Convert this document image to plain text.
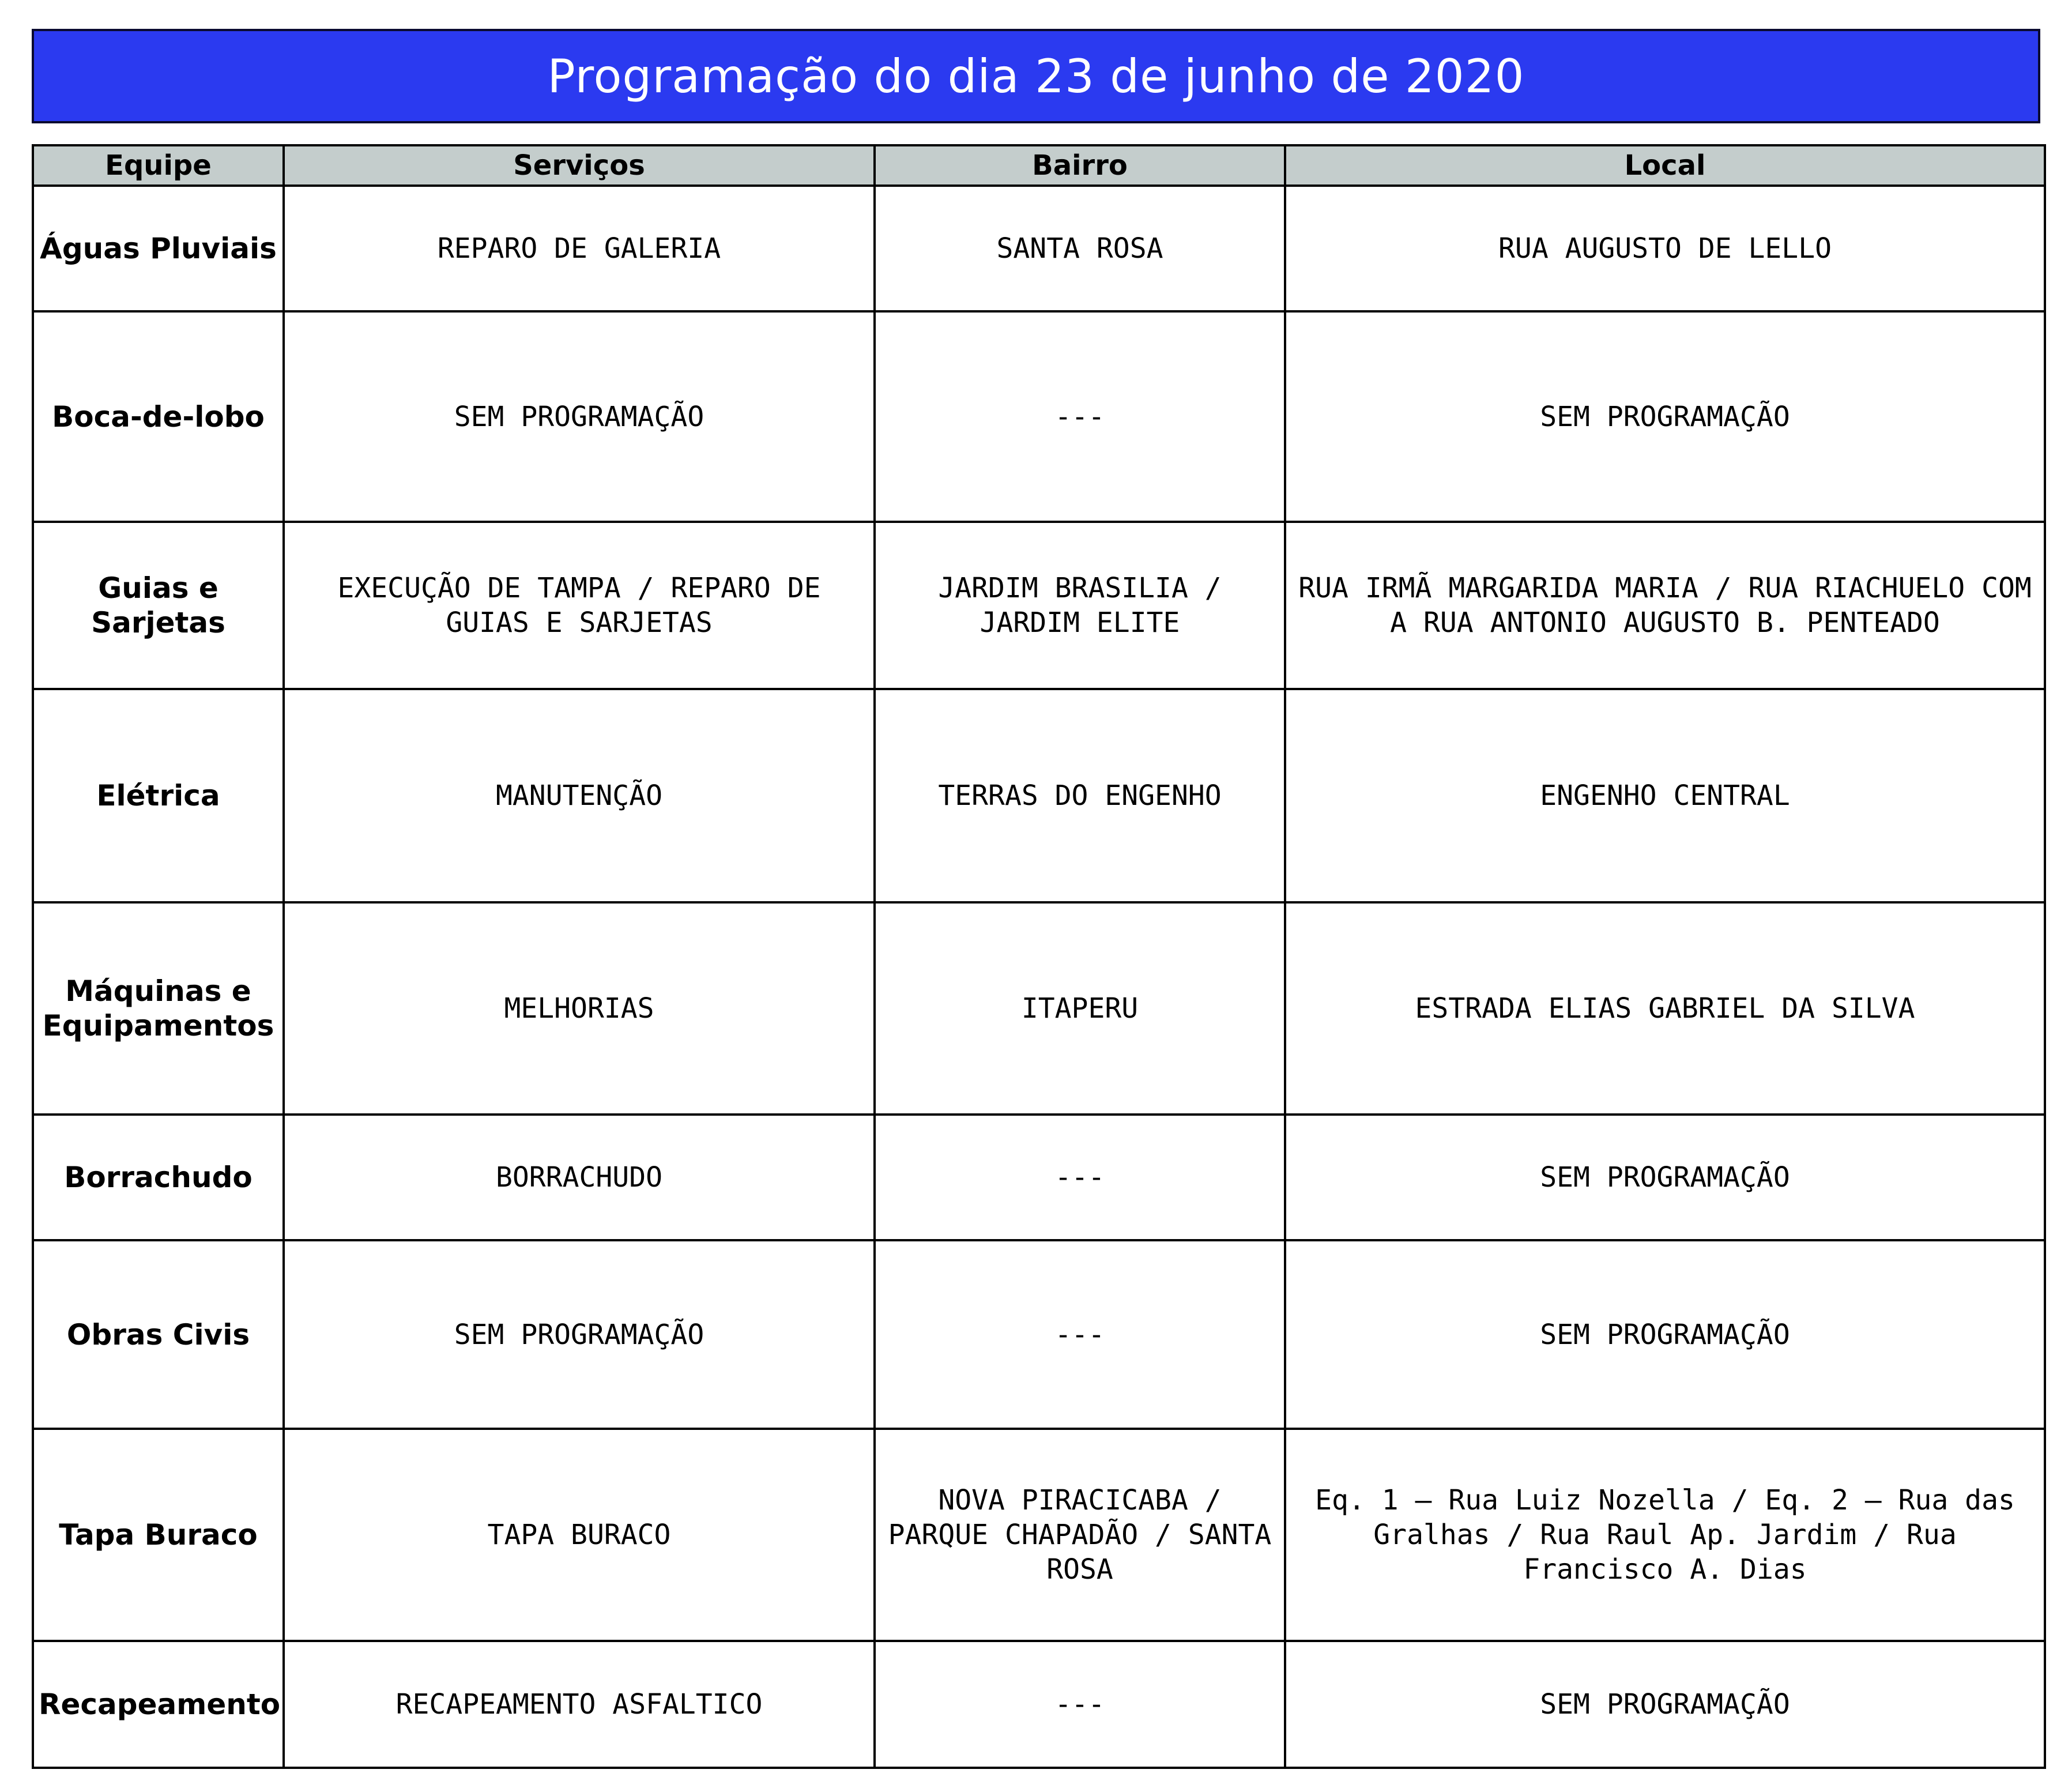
Programação do dia 23 de junho de 2020
Equipe	Serviços	Bairro	Local
Águas Pluviais	REPARO DE GALERIA	SANTA ROSA	RUA AUGUSTO DE LELLO
Boca-de-lobo	SEM PROGRAMAÇÃO	---	SEM PROGRAMAÇÃO
Guias e Sarjetas	EXECUÇÃO DE TAMPA / REPARO DE GUIAS E SARJETAS	JARDIM BRASILIA / JARDIM ELITE	RUA IRMÃ MARGARIDA MARIA / RUA RIACHUELO COM A RUA ANTONIO AUGUSTO B. PENTEADO
Elétrica	MANUTENÇÃO	TERRAS DO ENGENHO	ENGENHO CENTRAL
Máquinas e Equipamentos	MELHORIAS	ITAPERU	ESTRADA ELIAS GABRIEL DA SILVA
Borrachudo	BORRACHUDO	---	SEM PROGRAMAÇÃO
Obras Civis	SEM PROGRAMAÇÃO	---	SEM PROGRAMAÇÃO
Tapa Buraco	TAPA BURACO	NOVA PIRACICABA / PARQUE CHAPADÃO / SANTA ROSA	Eq. 1 – Rua Luiz Nozella / Eq. 2 – Rua das Gralhas / Rua Raul Ap. Jardim / Rua Francisco A. Dias
Recapeamento	RECAPEAMENTO ASFALTICO	---	SEM PROGRAMAÇÃO
